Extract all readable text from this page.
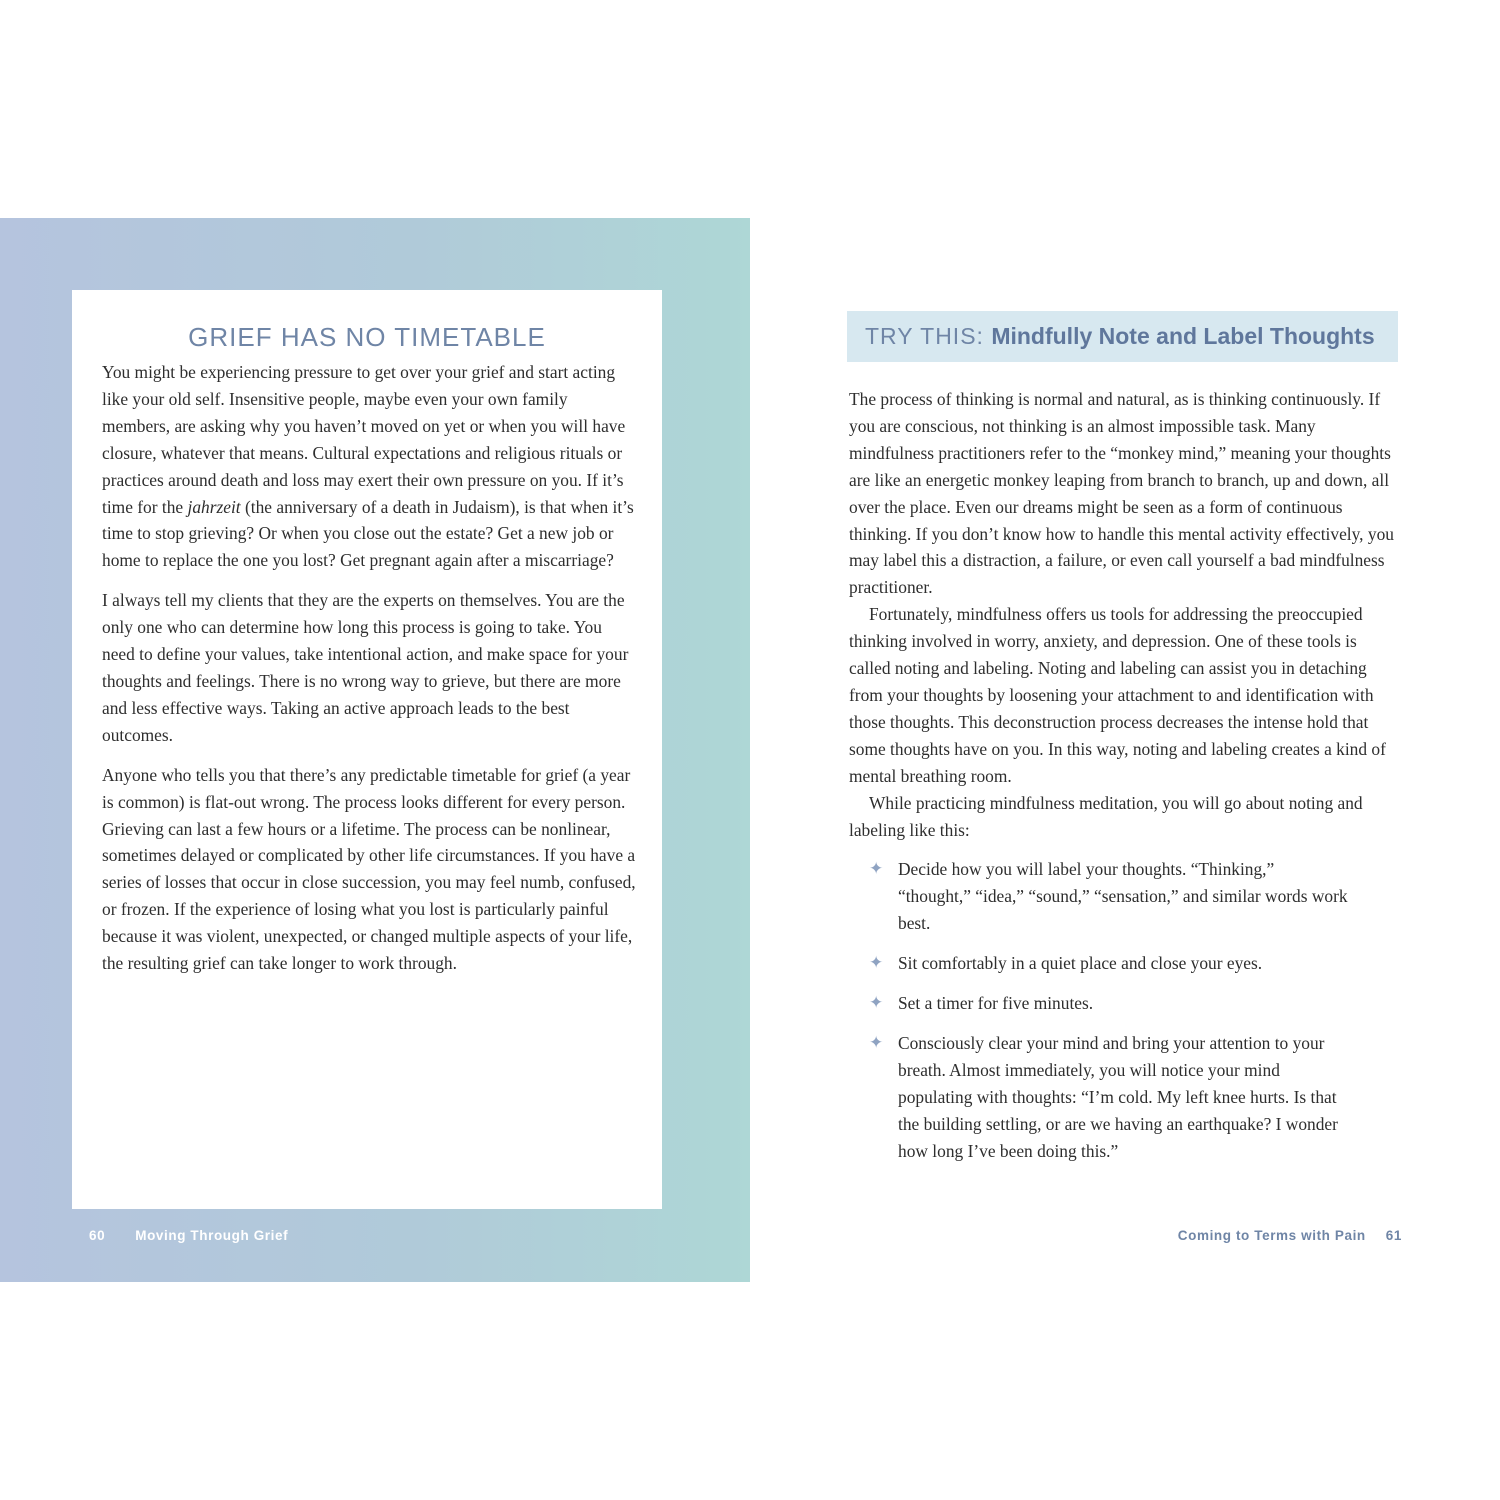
GRIEF HAS NO TIMETABLE

You might be experiencing pressure to get over your grief and start acting like your old self. Insensitive people, maybe even your own family members, are asking why you haven’t moved on yet or when you will have closure, whatever that means. Cultural expectations and religious rituals or practices around death and loss may exert their own pressure on you. If it’s time for the jahrzeit (the anniversary of a death in Judaism), is that when it’s time to stop grieving? Or when you close out the estate? Get a new job or home to replace the one you lost? Get pregnant again after a miscarriage?

I always tell my clients that they are the experts on themselves. You are the only one who can determine how long this process is going to take. You need to define your values, take intentional action, and make space for your thoughts and feelings. There is no wrong way to grieve, but there are more and less effective ways. Taking an active approach leads to the best outcomes.

Anyone who tells you that there’s any predictable timetable for grief (a year is common) is flat-out wrong. The process looks different for every person. Grieving can last a few hours or a lifetime. The process can be nonlinear, sometimes delayed or complicated by other life circumstances. If you have a series of losses that occur in close succession, you may feel numb, confused, or frozen. If the experience of losing what you lost is particularly painful because it was violent, unexpected, or changed multiple aspects of your life, the resulting grief can take longer to work through.

60 Moving Through Grief
TRY THIS: Mindfully Note and Label Thoughts

The process of thinking is normal and natural, as is thinking continuously. If you are conscious, not thinking is an almost impossible task. Many mindfulness practitioners refer to the “monkey mind,” meaning your thoughts are like an energetic monkey leaping from branch to branch, up and down, all over the place. Even our dreams might be seen as a form of continuous thinking. If you don’t know how to handle this mental activity effectively, you may label this a distraction, a failure, or even call yourself a bad mindfulness practitioner.

Fortunately, mindfulness offers us tools for addressing the preoccupied thinking involved in worry, anxiety, and depression. One of these tools is called noting and labeling. Noting and labeling can assist you in detaching from your thoughts by loosening your attachment to and identification with those thoughts. This deconstruction process decreases the intense hold that some thoughts have on you. In this way, noting and labeling creates a kind of mental breathing room.

While practicing mindfulness meditation, you will go about noting and labeling like this:

✦ Decide how you will label your thoughts. “Thinking,” “thought,” “idea,” “sound,” “sensation,” and similar words work best.
✦ Sit comfortably in a quiet place and close your eyes.
✦ Set a timer for five minutes.
✦ Consciously clear your mind and bring your attention to your breath. Almost immediately, you will notice your mind populating with thoughts: “I’m cold. My left knee hurts. Is that the building settling, or are we having an earthquake? I wonder how long I’ve been doing this.”
Coming to Terms with Pain 61
